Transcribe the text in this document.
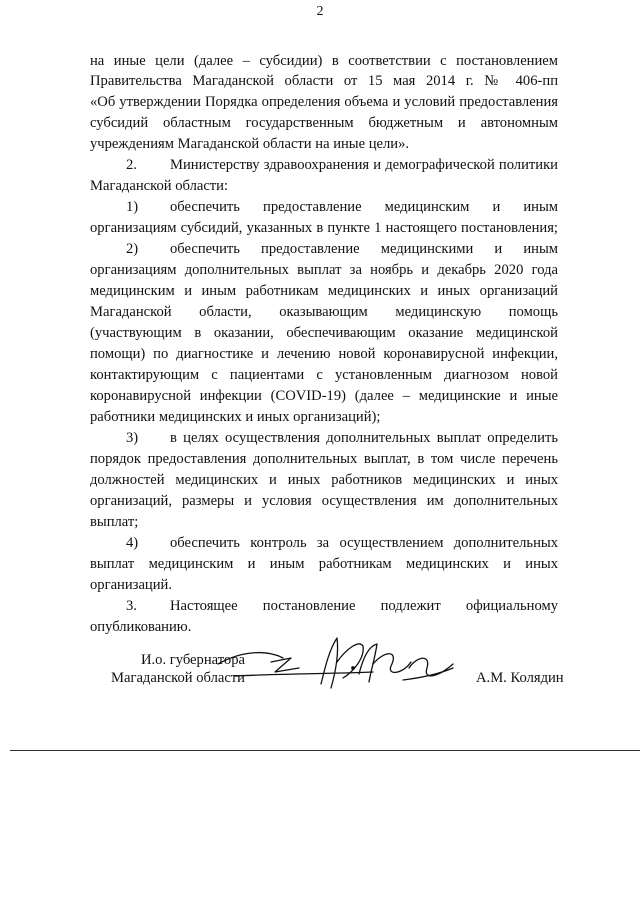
2
на иные цели (далее – субсидии) в соответствии с постановлением
Правительства Магаданской области от 15 мая 2014 г. № 406-пп
«Об утверждении Порядка определения объема и условий предоставления
субсидий областным государственным бюджетным и автономным
учреждениям Магаданской области на иные цели».
2. Министерству здравоохранения и демографической политики
Магаданской области:
1) обеспечить предоставление медицинским и иным
организациям субсидий, указанных в пункте 1 настоящего постановления;
2) обеспечить предоставление медицинскими и иным
организациям дополнительных выплат за ноябрь и декабрь 2020 года
медицинским и иным работникам медицинских и иных организаций
Магаданской области, оказывающим медицинскую помощь
(участвующим в оказании, обеспечивающим оказание медицинской
помощи) по диагностике и лечению новой коронавирусной инфекции,
контактирующим с пациентами с установленным диагнозом новой
коронавирусной инфекции (COVID-19) (далее – медицинские и иные
работники медицинских и иных организаций);
3) в целях осуществления дополнительных выплат определить
порядок предоставления дополнительных выплат, в том числе перечень
должностей медицинских и иных работников медицинских и иных
организаций, размеры и условия осуществления им дополнительных
выплат;
4) обеспечить контроль за осуществлением дополнительных
выплат медицинским и иным работникам медицинских и иных
организаций.
3. Настоящее постановление подлежит официальному
опубликованию.
И.о. губернатора
Магаданской области	А.М. Колядин
